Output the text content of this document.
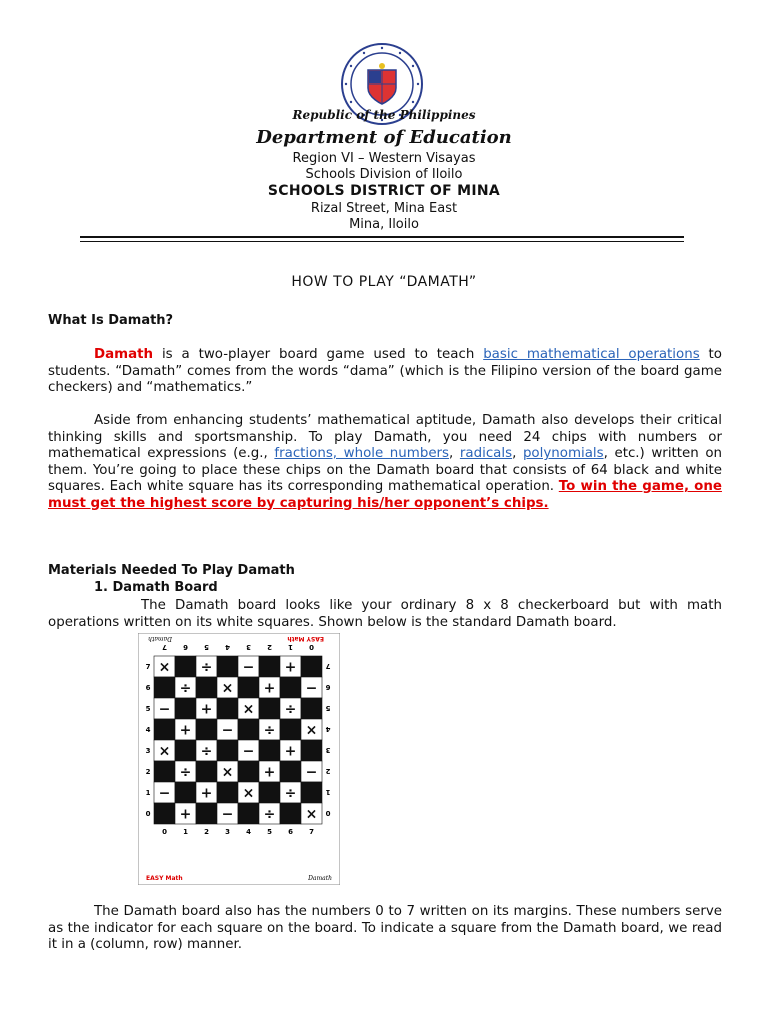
Republic of the Philippines
Department of Education
Region VI – Western Visayas
Schools Division of Iloilo
SCHOOLS DISTRICT OF MINA
Rizal Street, Mina East
Mina, Iloilo
HOW TO PLAY “DAMATH”
What Is Damath?
Damath is a two-player board game used to teach basic mathematical operations to students. “Damath” comes from the words “dama” (which is the Filipino version of the board game checkers) and “mathematics.”
Aside from enhancing students’ mathematical aptitude, Damath also develops their critical thinking skills and sportsmanship. To play Damath, you need 24 chips with numbers or mathematical expressions (e.g., fractions, whole numbers, radicals, polynomials, etc.) written on them. You’re going to place these chips on the Damath board that consists of 64 black and white squares. Each white square has its corresponding mathematical operation. To win the game, one must get the highest score by capturing his/her opponent’s chips.
Materials Needed To Play Damath
1. Damath Board
The Damath board looks like your ordinary 8 x 8 checkerboard but with math operations written on its white squares. Shown below is the standard Damath board.
× ÷ − +
÷ × + −
− + × ÷
+ − ÷ ×
× ÷ − +
÷ × + −
− + × ÷
+ − ÷ ×
0 1 2 3 4 5 6 7
0
1
2
3
4
5
6
7
7
6
5
4
3
2
1
0
7
6
5
4
3
2
1
0
EASY Math	Damath
Damath	EASY Math
The Damath board also has the numbers 0 to 7 written on its margins. These numbers serve as the indicator for each square on the board. To indicate a square from the Damath board, we read it in a (column, row) manner.
